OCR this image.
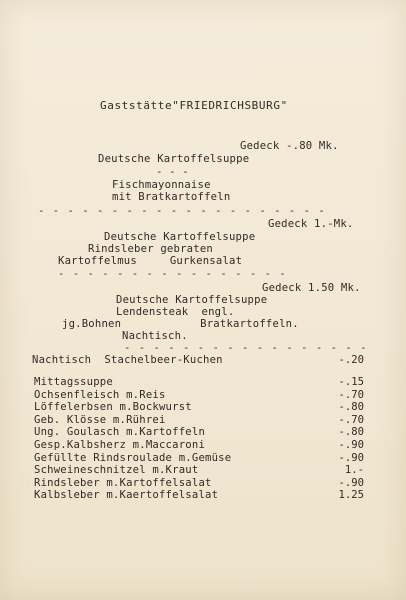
Gaststätte"FRIEDRICHSBURG"
Gedeck -.80 Mk.
Deutsche Kartoffelsuppe
- - -
Fischmayonnaise
mit Bratkartoffeln
- - - - - - - - - - - - - - - - - - - -
Gedeck 1.-Mk.
Deutsche Kartoffelsuppe
Rindsleber gebraten
Kartoffelmus     Gurkensalat
- - - - - - - - - - - - - - - -
Gedeck 1.50 Mk.
Deutsche Kartoffelsuppe
Lendensteak  engl.
jg.Bohnen            Bratkartoffeln.
Nachtisch.
- - - - - - - - - - - - - - - - -
Nachtisch  Stachelbeer-Kuchen	-.20
Mittagssuppe	-.15
Ochsenfleisch m.Reis	-.70
Löffelerbsen m.Bockwurst	-.80
Geb. Klösse m.Rührei	-.70
Ung. Goulasch m.Kartoffeln	-.80
Gesp.Kalbsherz m.Maccaroni	-.90
Gefüllte Rindsroulade m.Gemüse	-.90
Schweineschnitzel m.Kraut	1.-
Rindsleber m.Kartoffelsalat	-.90
Kalbsleber m.Kaertoffelsalat	1.25
